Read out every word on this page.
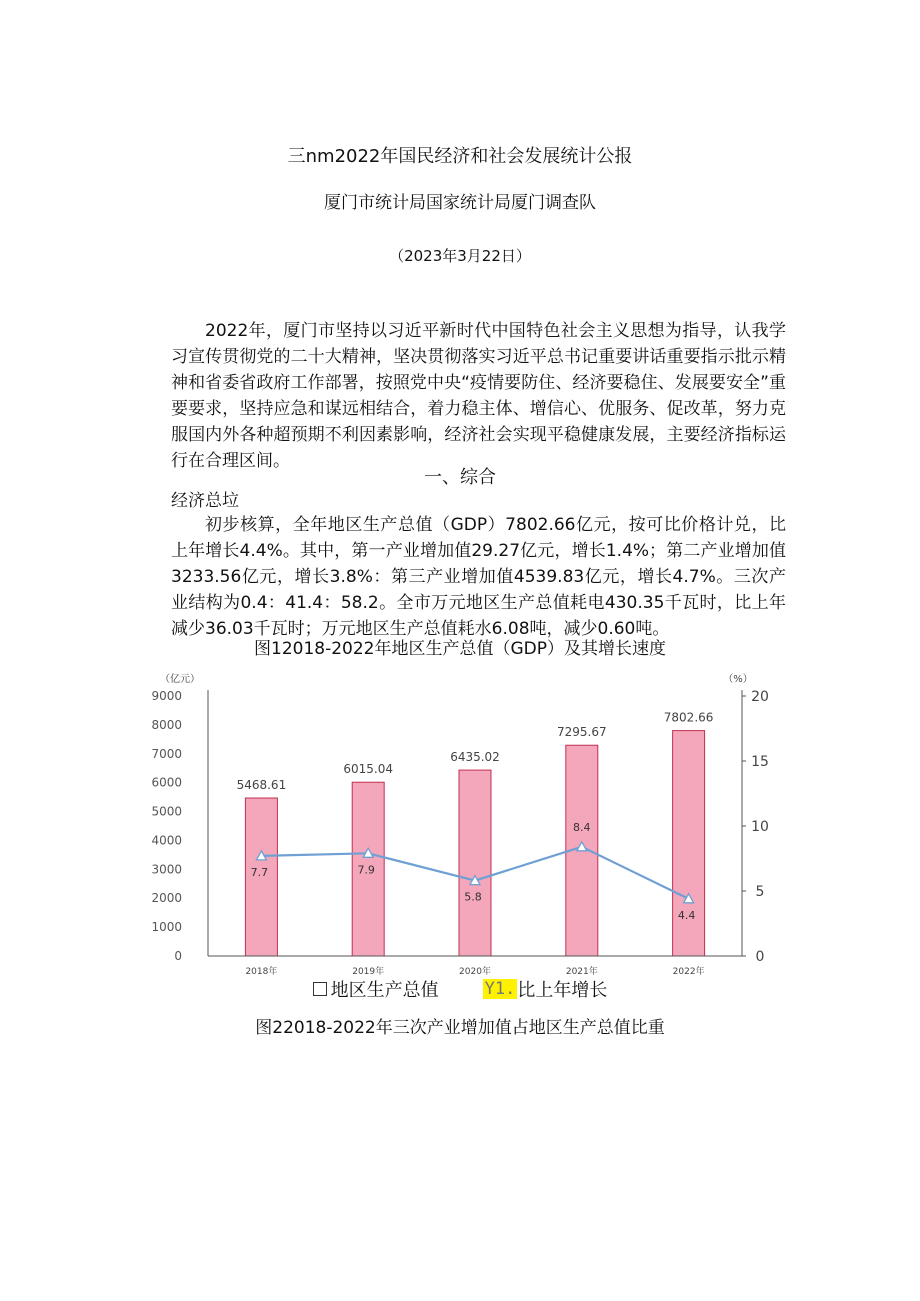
三nm2022年国民经济和社会发展统计公报
厦门市统计局国家统计局厦门调查队
（2023年3月22日）

2022年，厦门市坚持以习近平新时代中国特色社会主义思想为指导，认我学习宣传贯彻党的二十大精神，坚决贯彻落实习近平总书记重要讲话重要指示批示精神和省委省政府工作部署，按照党中央“疫情要防住、经济要稳住、发展要安全”重要要求，坚持应急和谋远相结合，着力稳主体、增信心、优服务、促改革，努力克服国内外各种超预期不利因素影响，经济社会实现平稳健康发展，主要经济指标运行在合理区间。

一、综合
经济总垃

初步核算，全年地区生产总值（GDP）7802.66亿元，按可比价格计兑，比上年增长4.4%。其中，第一产业增加值29.27亿元，增长1.4%；第二产业增加值3233.56亿元，增长3.8%：第三产业增加值4539.83亿元，增长4.7%。三次产业结构为0.4：41.4：58.2。全市万元地区生产总值耗电430.35千瓦时，比上年减少36.03千瓦时；万元地区生产总值耗水6.08吨，减少0.60吨。

图12018-2022年地区生产总值（GDP）及其增长速度
（亿元）
0
1000
2000
3000
4000
5000
6000
7000
8000
9000
（%）
0
5
10
15
20
5468.61
6015.04
6435.02
7295.67
7802.66
7.7	7.9
5.8
8.4
4.4
2018年	2019年	2020年	2021年	2022年
地区生产总值	Y1. 比上年增长
图22018-2022年三次产业增加值占地区生产总值比重
